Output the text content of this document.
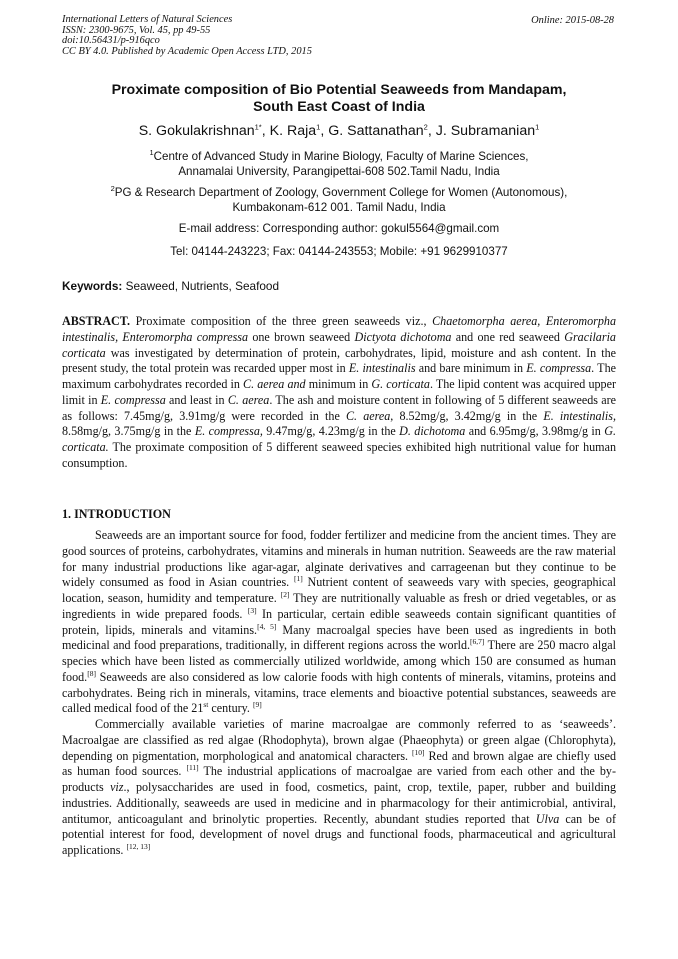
International Letters of Natural Sciences
ISSN: 2300-9675, Vol. 45, pp 49-55
doi:10.56431/p-916qco
CC BY 4.0. Published by Academic Open Access LTD, 2015
Online: 2015-08-28
Proximate composition of Bio Potential Seaweeds from Mandapam,
South East Coast of India
S. Gokulakrishnan$^{1*}$, K. Raja$^1$, G. Sattanathan$^2$, J. Subramanian$^1$
$^1$Centre of Advanced Study in Marine Biology, Faculty of Marine Sciences,
Annamalai University, Parangipettai-608 502.Tamil Nadu, India
$^2$PG & Research Department of Zoology, Government College for Women (Autonomous),
Kumbakonam-612 001. Tamil Nadu, India
E-mail address: Corresponding author: gokul5564@gmail.com
Tel: 04144-243223; Fax: 04144-243553; Mobile: +91 9629910377
Keywords: Seaweed, Nutrients, Seafood
ABSTRACT. Proximate composition of the three green seaweeds viz., Chaetomorpha aerea, Enteromorpha intestinalis, Enteromorpha compressa one brown seaweed Dictyota dichotoma and one red seaweed Gracilaria corticata was investigated by determination of protein, carbohydrates, lipid, moisture and ash content. In the present study, the total protein was recarded upper most in E. intestinalis and bare minimum in E. compressa. The maximum carbohydrates recorded in C. aerea and minimum in G. corticata. The lipid content was acquired upper limit in E. compressa and least in C. aerea. The ash and moisture content in following of 5 different seaweeds are as follows: 7.45mg/g, 3.91mg/g were recorded in the C. aerea, 8.52mg/g, 3.42mg/g in the E. intestinalis, 8.58mg/g, 3.75mg/g in the E. compressa, 9.47mg/g, 4.23mg/g in the D. dichotoma and 6.95mg/g, 3.98mg/g in G. corticata. The proximate composition of 5 different seaweed species exhibited high nutritional value for human consumption.
1. INTRODUCTION

Seaweeds are an important source for food, fodder fertilizer and medicine from the ancient times. They are good sources of proteins, carbohydrates, vitamins and minerals in human nutrition. Seaweeds are the raw material for many industrial productions like agar-agar, alginate derivatives and carrageenan but they continue to be widely consumed as food in Asian countries. [1] Nutrient content of seaweeds vary with species, geographical location, season, humidity and temperature. [2] They are nutritionally valuable as fresh or dried vegetables, or as ingredients in wide prepared foods. [3] In particular, certain edible seaweeds contain significant quantities of protein, lipids, minerals and vitamins.[4, 5] Many macroalgal species have been used as ingredients in both medicinal and food preparations, traditionally, in different regions across the world.[6,7] There are 250 macro algal species which have been listed as commercially utilized worldwide, among which 150 are consumed as human food.[8] Seaweeds are also considered as low calorie foods with high contents of minerals, vitamins, proteins and carbohydrates. Being rich in minerals, vitamins, trace elements and bioactive potential substances, seaweeds are called medical food of the 21st century. [9]

Commercially available varieties of marine macroalgae are commonly referred to as ‘seaweeds’. Macroalgae are classified as red algae (Rhodophyta), brown algae (Phaeophyta) or green algae (Chlorophyta), depending on pigmentation, morphological and anatomical characters. [10] Red and brown algae are chiefly used as human food sources. [11] The industrial applications of macroalgae are varied from each other and the by-products viz., polysaccharides are used in food, cosmetics, paint, crop, textile, paper, rubber and building industries. Additionally, seaweeds are used in medicine and in pharmacology for their antimicrobial, antiviral, antitumor, anticoagulant and brinolytic properties. Recently, abundant studies reported that Ulva can be of potential interest for food, development of novel drugs and functional foods, pharmaceutical and agricultural applications. [12, 13]
